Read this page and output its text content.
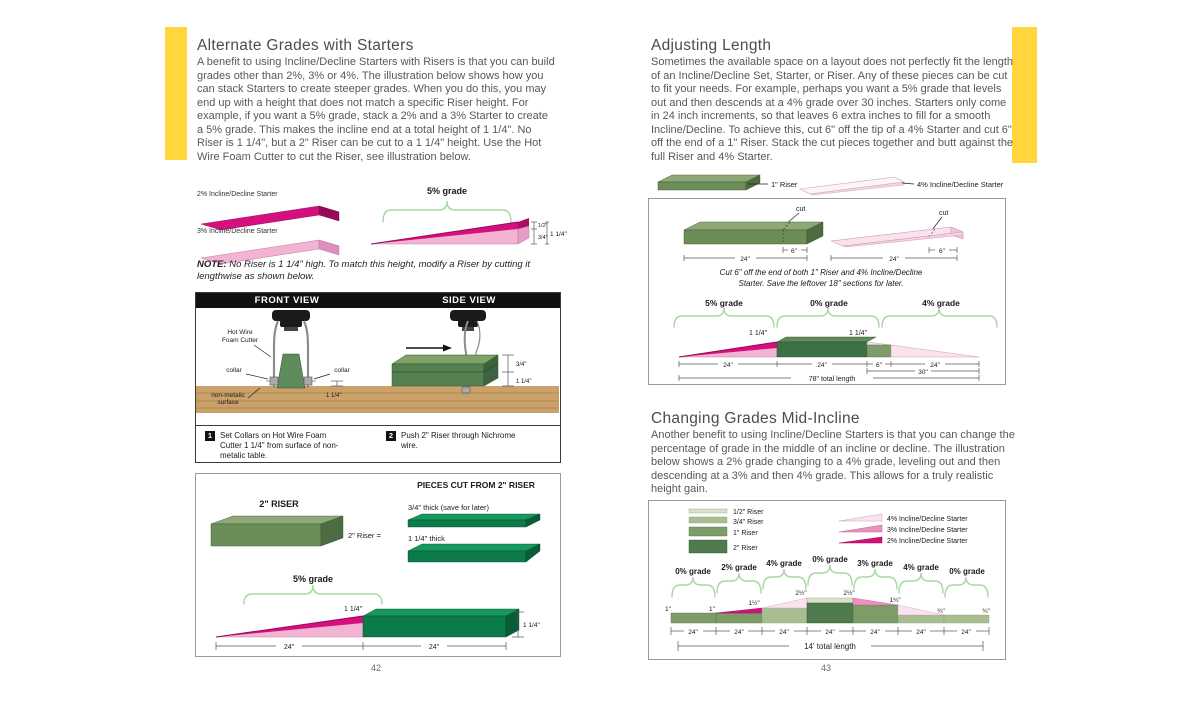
Alternate Grades with Starters

A benefit to using Incline/Decline Starters with Risers is that you can build grades other than 2%, 3% or 4%. The illustration below shows how you can stack Starters to create steeper grades. When you do this, you may end up with a height that does not match a specific Riser height. For example, if you want a 5% grade, stack a 2% and a 3% Starter to create a 5% grade. This makes the incline end at a total height of 1 1/4". No Riser is 1 1/4", but a 2" Riser can be cut to a 1 1/4" height. Use the Hot Wire Foam Cutter to cut the Riser, see illustration below.

2% Incline/Decline Starter
3% Incline/Decline Starter
5% grade
1/2"
3/4" 1 1/4"

NOTE: No Riser is 1 1/4" high. To match this height, modify a Riser by cutting it lengthwise as shown below.

FRONT VIEW	SIDE VIEW
Hot Wire
Foam Cutter
collar	collar
non-metalic
surface
1 1/4"
3/4"
1 1/4"
1 Set Collars on Hot Wire Foam
Cutter 1 1/4" from surface of non-
metalic table.
2 Push 2" Riser through Nichrome
wire.
PIECES CUT FROM 2" RISER
2" RISER
2" Riser =
3/4" thick (save for later)
1 1/4" thick
5% grade
1 1/4"
1 1/4"
24"	24"
42
Adjusting Length

Sometimes the available space on a layout does not perfectly fit the length of an Incline/Decline Set, Starter, or Riser. Any of these pieces can be cut to fit your needs. For example, perhaps you want a 5% grade that levels out and then descends at a 4% grade over 30 inches. Starters only come in 24 inch increments, so that leaves 6 extra inches to fill for a smooth Incline/Decline. To achieve this, cut 6" off the tip of a 4% Starter and cut 6" off the end of a 1" Riser. Stack the cut pieces together and butt against the full Riser and 4% Starter.

1" Riser	4% Incline/Decline Starter
cut
6"
24"
cut
6"
24"
Cut 6" off the end of both 1" Riser and 4% Incline/Decline
Starter. Save the leftover 18" sections for later.
5% grade	0% grade	4% grade
1 1/4"	1 1/4"
24"	24"	6"	24"
30"
78" total length
Changing Grades Mid-Incline

Another benefit to using Incline/Decline Starters is that you can change the percentage of grade in the middle of an incline or decline. The illustration below shows a 2% grade changing to a 4% grade, leveling out and then descending at a 3% and then 4% grade. This allows for a truly realistic height gain.

1/2" Riser
3/4" Riser
1" Riser
2" Riser
4% Incline/Decline Starter
3% Incline/Decline Starter
2% Incline/Decline Starter
0% grade 2% grade 4% grade 0% grade 3% grade 4% grade 0% grade
1"	1"
1½"
2½"	2½"
1¾"
¾"	¾"
24"	24"	24"	24"	24"	24"	24"
14' total length
43
